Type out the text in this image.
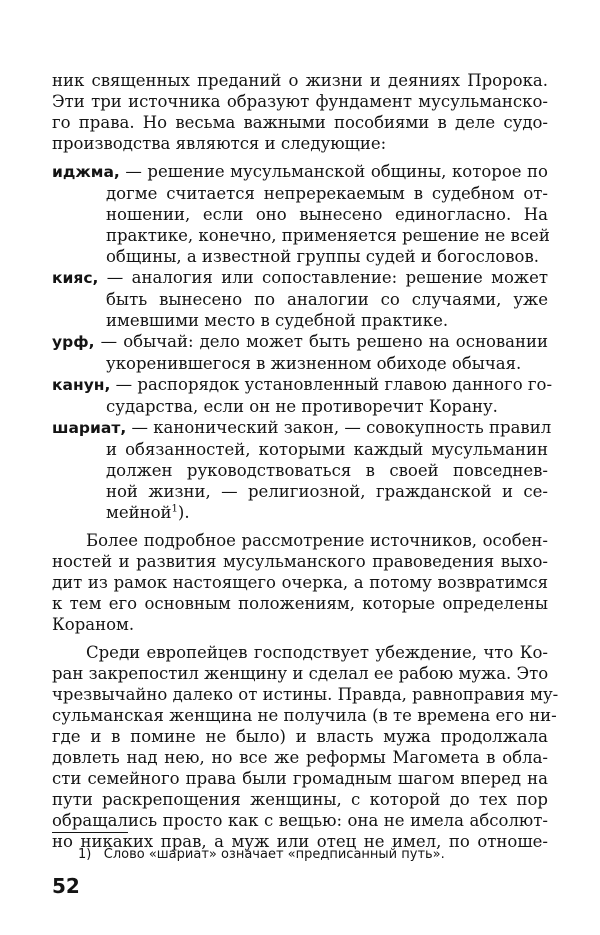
ник священных преданий о жизни и деяниях Пророка.
Эти три источника образуют фундамент мусульманско-
го права. Но весьма важными пособиями в деле судо-
производства являются и следующие:
иджма, — решение мусульманской общины, которое по
догме считается непререкаемым в судебном от-
ношении, если оно вынесено единогласно. На
практике, конечно, применяется решение не всей
общины, а известной группы судей и богословов.
кияс, — аналогия или сопоставление: решение может
быть вынесено по аналогии со случаями, уже
имевшими место в судебной практике.
урф, — обычай: дело может быть решено на основании
укоренившегося в жизненном обиходе обычая.
канун, — распорядок установленный главою данного го-
сударства, если он не противоречит Корану.
шариат, — канонический закон, — совокупность правил
и обязанностей, которыми каждый мусульманин
должен руководствоваться в своей повседнев-
ной жизни, — религиозной, гражданской и се-
мейной$^1$).
Более подробное рассмотрение источников, особен-
ностей и развития мусульманского правоведения выхо-
дит из рамок настоящего очерка, а потому возвратимся
к тем его основным положениям, которые определены
Кораном.
Среди европейцев господствует убеждение, что Ко-
ран закрепостил женщину и сделал ее рабою мужа. Это
чрезвычайно далеко от истины. Правда, равноправия му-
сульманская женщина не получила (в те времена его ни-
где и в помине не было) и власть мужа продолжала
довлеть над нею, но все же реформы Магомета в обла-
сти семейного права были громадным шагом вперед на
пути раскрепощения женщины, с которой до тех пор
обращались просто как с вещью: она не имела абсолют-
но никаких прав, а муж или отец не имел, по отноше-
1) Слово «шариат» означает «предписанный путь».
52
